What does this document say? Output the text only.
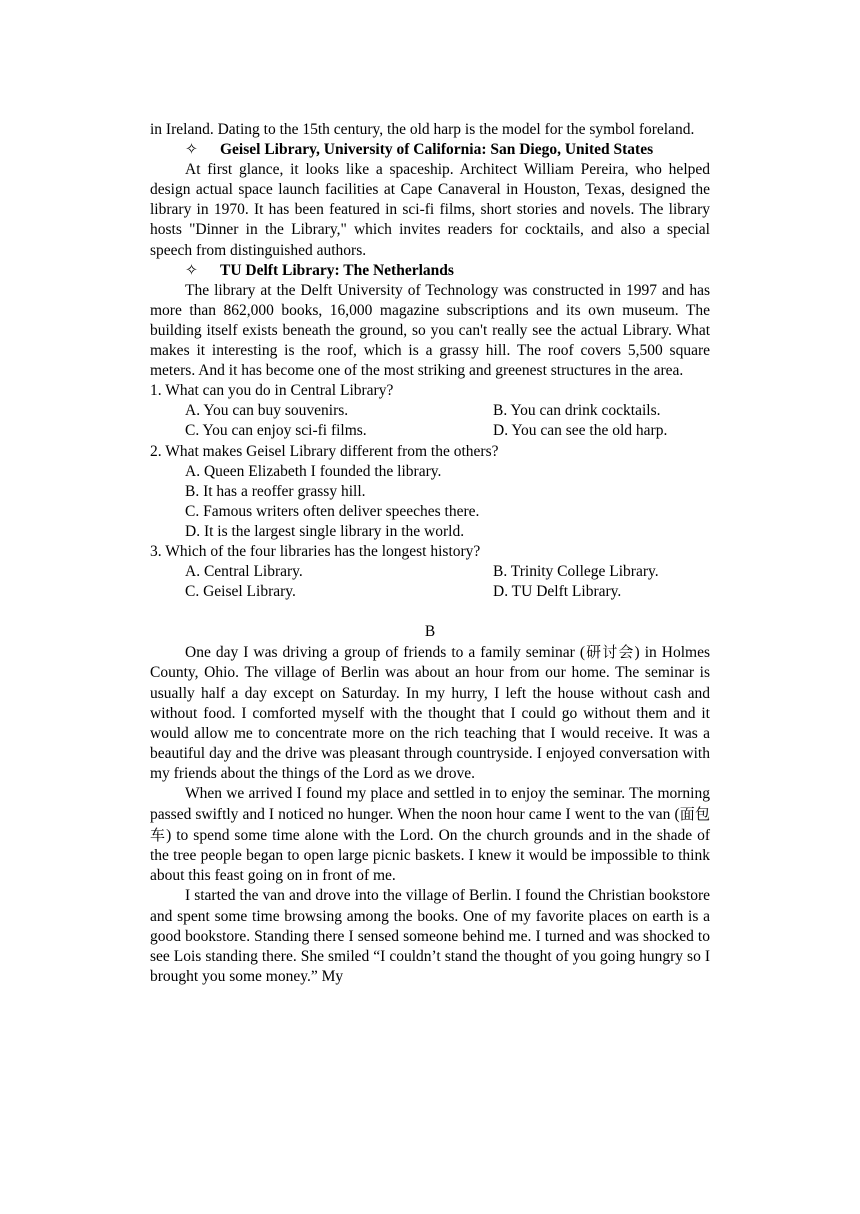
in Ireland. Dating to the 15th century, the old harp is the model for the symbol foreland.

✧ Geisel Library, University of California: San Diego, United States

At first glance, it looks like a spaceship. Architect William Pereira, who helped design actual space launch facilities at Cape Canaveral in Houston, Texas, designed the library in 1970. It has been featured in sci-fi films, short stories and novels. The library hosts "Dinner in the Library," which invites readers for cocktails, and also a special speech from distinguished authors.

✧ TU Delft Library: The Netherlands

The library at the Delft University of Technology was constructed in 1997 and has more than 862,000 books, 16,000 magazine subscriptions and its own museum. The building itself exists beneath the ground, so you can't really see the actual Library. What makes it interesting is the roof, which is a grassy hill. The roof covers 5,500 square meters. And it has become one of the most striking and greenest structures in the area.

1. What can you do in Central Library?

A. You can buy souvenirs.	B. You can drink cocktails.

C. You can enjoy sci-fi films.	D. You can see the old harp.

2. What makes Geisel Library different from the others?

A. Queen Elizabeth I founded the library.

B. It has a reoffer grassy hill.

C. Famous writers often deliver speeches there.

D. It is the largest single library in the world.

3. Which of the four libraries has the longest history?

A. Central Library.	B. Trinity College Library.

C. Geisel Library.	D. TU Delft Library.

B

One day I was driving a group of friends to a family seminar (研讨会) in Holmes County, Ohio. The village of Berlin was about an hour from our home. The seminar is usually half a day except on Saturday. In my hurry, I left the house without cash and without food. I comforted myself with the thought that I could go without them and it would allow me to concentrate more on the rich teaching that I would receive. It was a beautiful day and the drive was pleasant through countryside. I enjoyed conversation with my friends about the things of the Lord as we drove.

When we arrived I found my place and settled in to enjoy the seminar. The morning passed swiftly and I noticed no hunger. When the noon hour came I went to the van (面包车) to spend some time alone with the Lord. On the church grounds and in the shade of the tree people began to open large picnic baskets. I knew it would be impossible to think about this feast going on in front of me.

I started the van and drove into the village of Berlin. I found the Christian bookstore and spent some time browsing among the books. One of my favorite places on earth is a good bookstore. Standing there I sensed someone behind me. I turned and was shocked to see Lois standing there. She smiled “I couldn’t stand the thought of you going hungry so I brought you some money.” My
